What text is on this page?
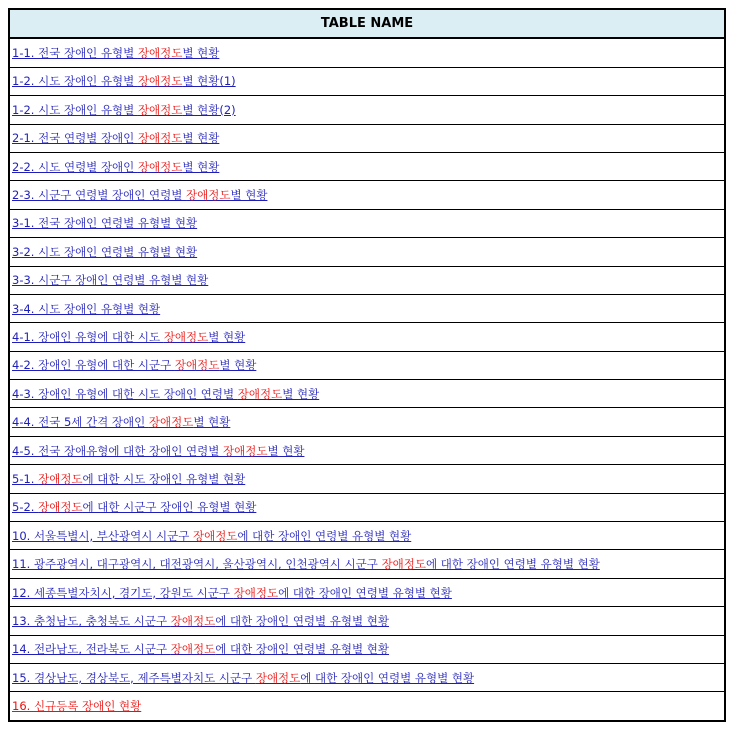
TABLE NAME
1-1. 전국 장애인 유형별 장애정도별 현황
1-2. 시도 장애인 유형별 장애정도별 현황(1)
1-2. 시도 장애인 유형별 장애정도별 현황(2)
2-1. 전국 연령별 장애인 장애정도별 현황
2-2. 시도 연령별 장애인 장애정도별 현황
2-3. 시군구 연령별 장애인 연령별 장애정도별 현황
3-1. 전국 장애인 연령별 유형별 현황
3-2. 시도 장애인 연령별 유형별 현황
3-3. 시군구 장애인 연령별 유형별 현황
3-4. 시도 장애인 유형별 현황
4-1. 장애인 유형에 대한 시도 장애정도별 현황
4-2. 장애인 유형에 대한 시군구 장애정도별 현황
4-3. 장애인 유형에 대한 시도 장애인 연령별 장애정도별 현황
4-4. 전국 5세 간격 장애인 장애정도별 현황
4-5. 전국 장애유형에 대한 장애인 연령별 장애정도별 현황
5-1. 장애정도에 대한 시도 장애인 유형별 현황
5-2. 장애정도에 대한 시군구 장애인 유형별 현황
10. 서울특별시, 부산광역시 시군구 장애정도에 대한 장애인 연령별 유형별 현황
11. 광주광역시, 대구광역시, 대전광역시, 울산광역시, 인천광역시 시군구 장애정도에 대한 장애인 연령별 유형별 현황
12. 세종특별자치시, 경기도, 강원도 시군구 장애정도에 대한 장애인 연령별 유형별 현황
13. 충청남도, 충청북도 시군구 장애정도에 대한 장애인 연령별 유형별 현황
14. 전라남도, 전라북도 시군구 장애정도에 대한 장애인 연령별 유형별 현황
15. 경상남도, 경상북도, 제주특별자치도 시군구 장애정도에 대한 장애인 연령별 유형별 현황
16. 신규등록 장애인 현황
